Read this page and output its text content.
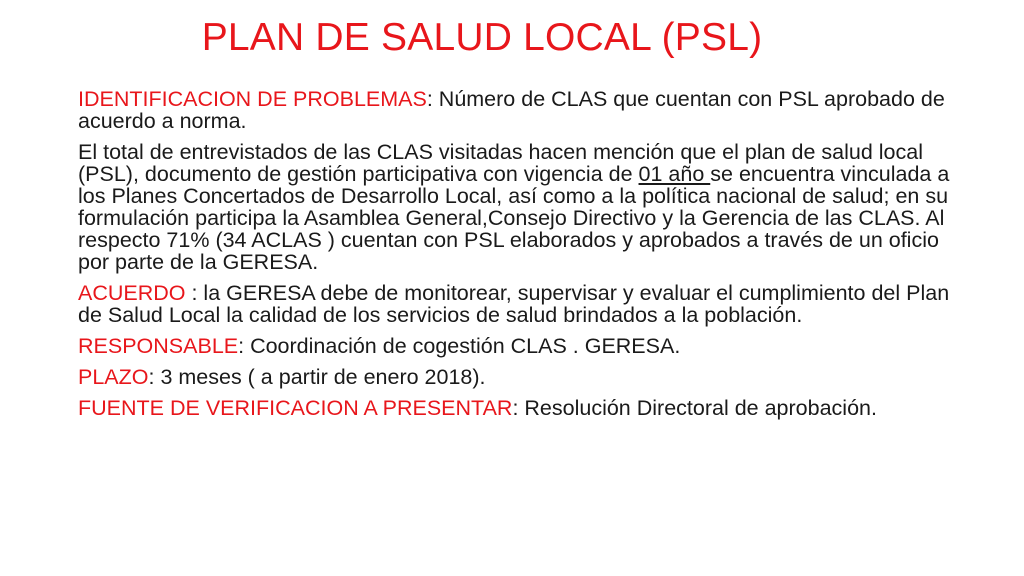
PLAN DE SALUD LOCAL (PSL)

IDENTIFICACION DE PROBLEMAS: Número de CLAS que cuentan con PSL aprobado de acuerdo a norma.

El total de entrevistados de las CLAS visitadas hacen mención que el plan de salud local (PSL), documento de gestión participativa con vigencia de 01 año se encuentra vinculada a los Planes Concertados de Desarrollo Local, así como a la política nacional de salud; en su formulación participa la Asamblea General,Consejo Directivo y la Gerencia de las CLAS. Al respecto 71% (34 ACLAS ) cuentan con PSL elaborados y aprobados a través de un oficio por parte de la GERESA.

ACUERDO : la GERESA debe de monitorear, supervisar y evaluar el cumplimiento del Plan de Salud Local la calidad de los servicios de salud brindados a la población.

RESPONSABLE: Coordinación de cogestión CLAS . GERESA.

PLAZO: 3 meses ( a partir de enero 2018).

FUENTE DE VERIFICACION A PRESENTAR: Resolución Directoral de aprobación.
